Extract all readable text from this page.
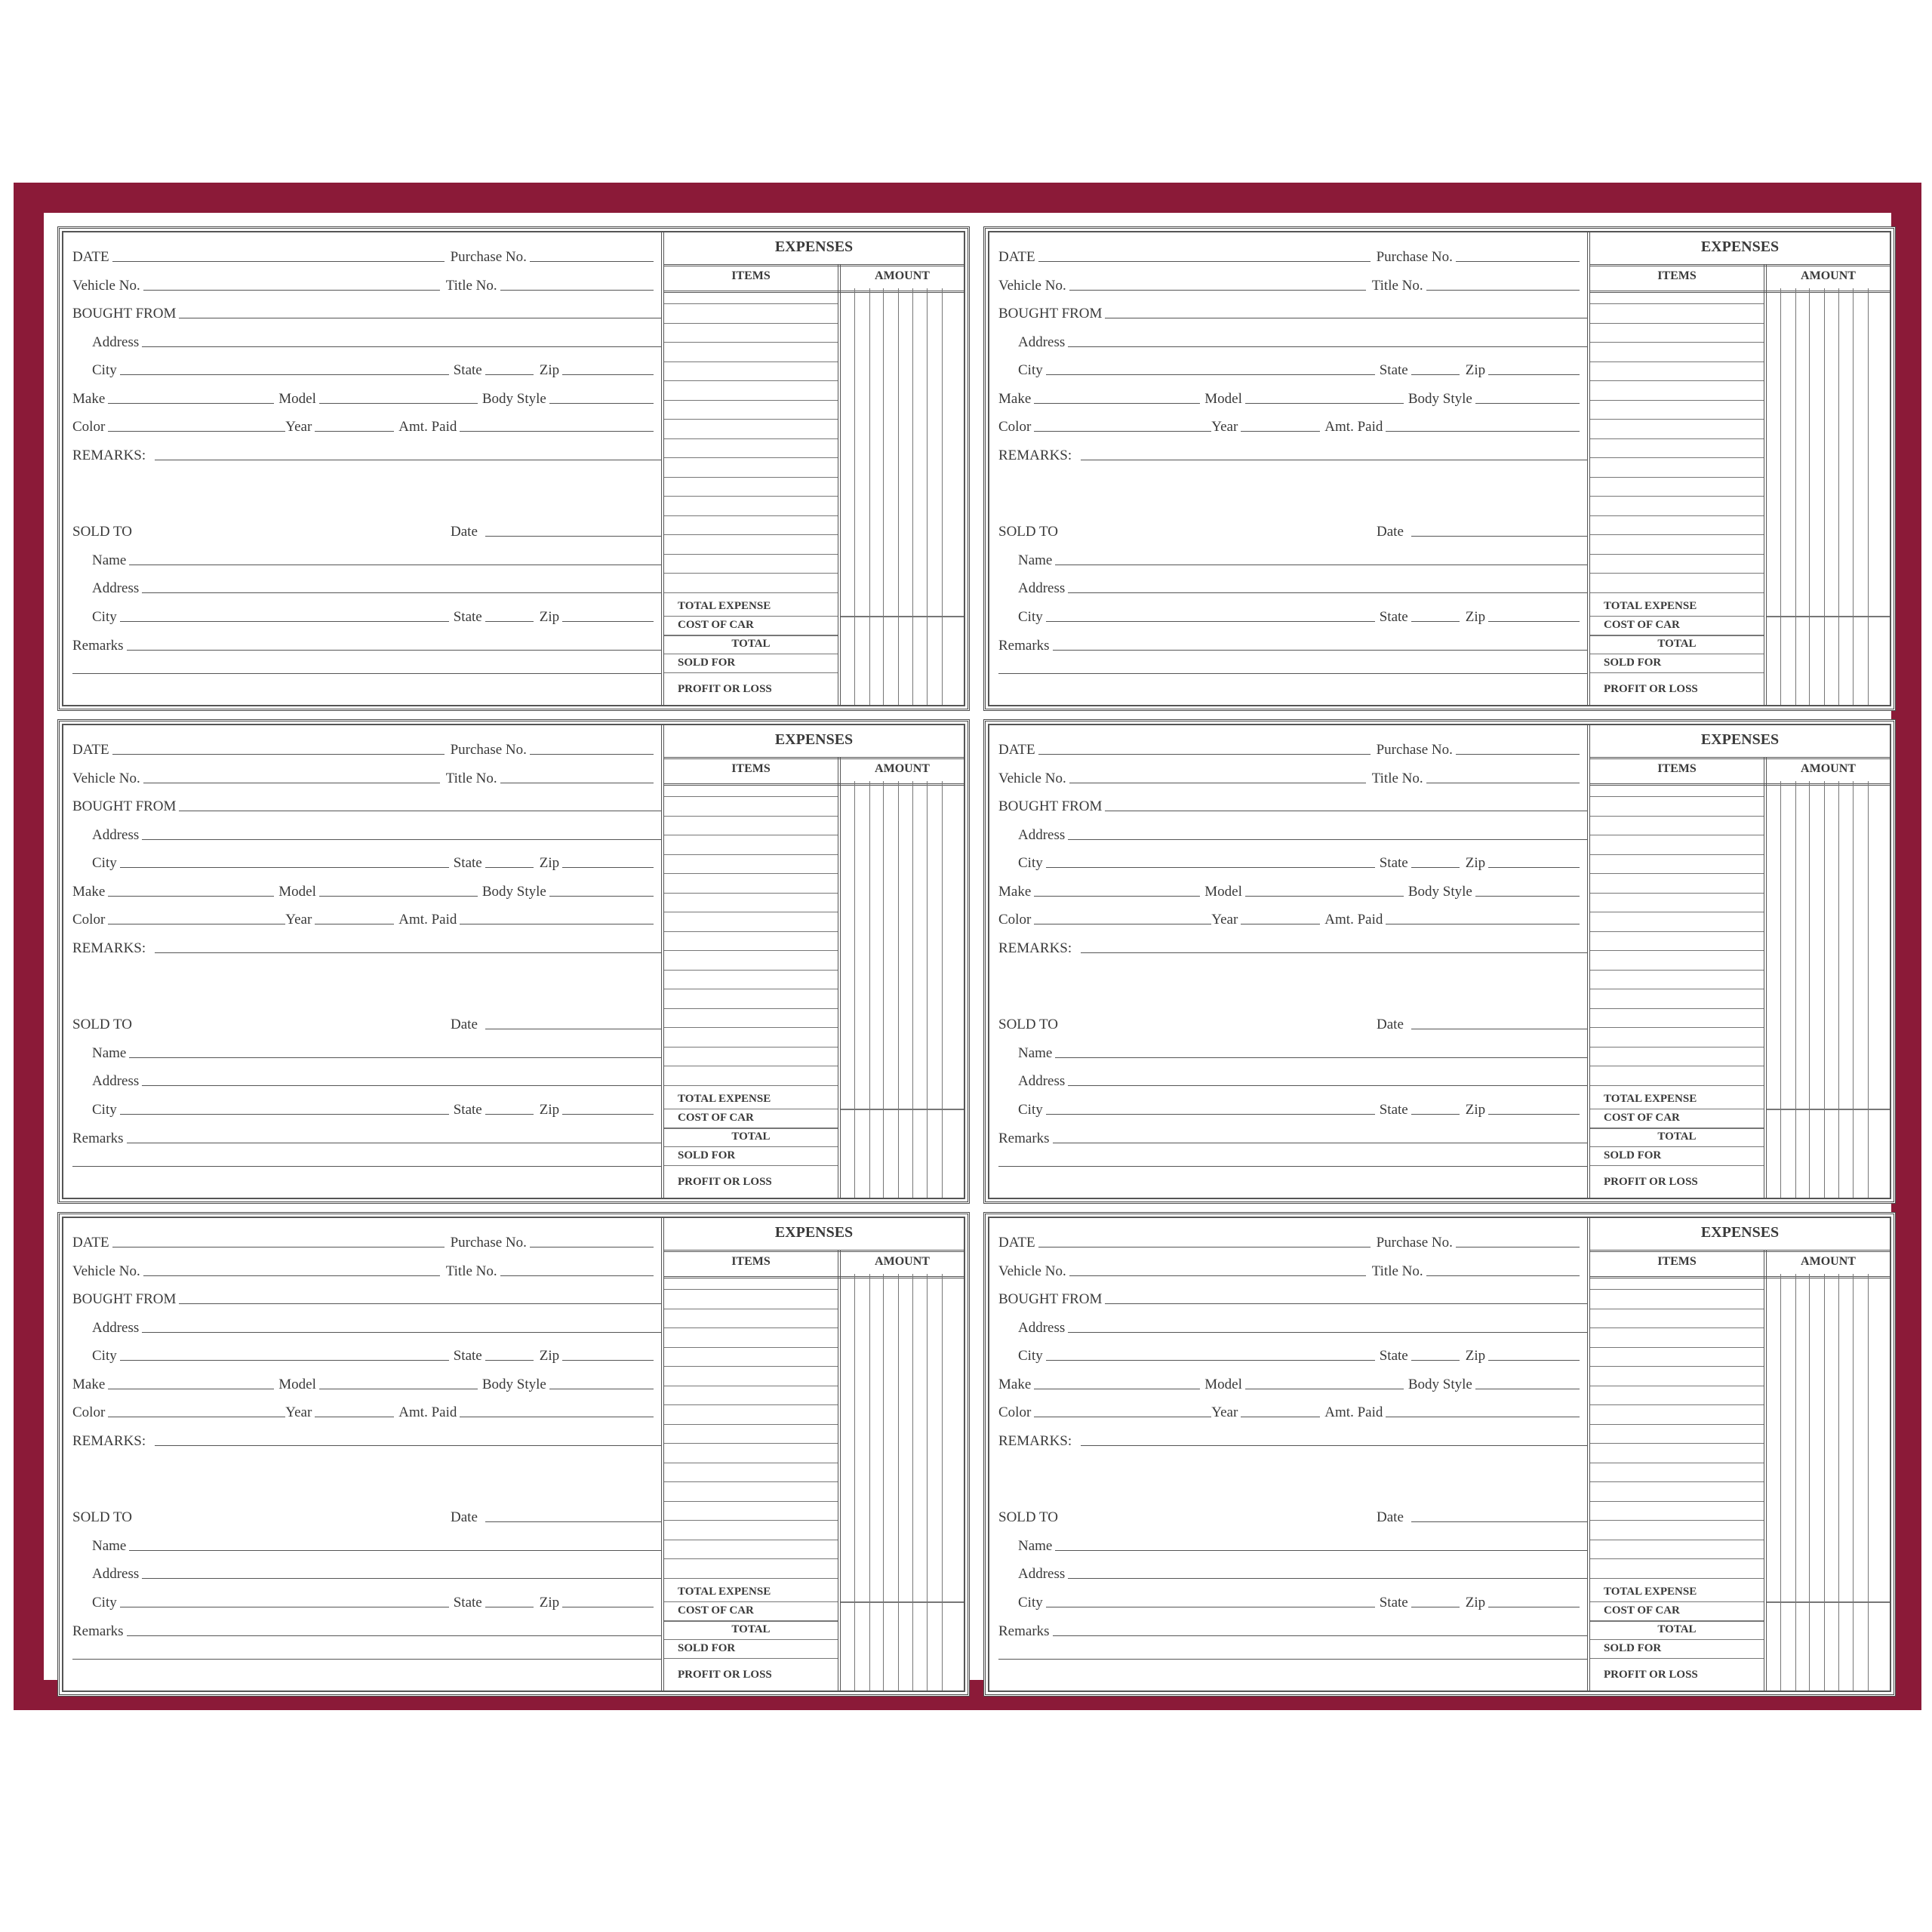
DATE	Purchase No.
Vehicle No.	Title No.
BOUGHT FROM
Address
City	State	Zip
Make	Model	Body Style
Color	Year	Amt. Paid
REMARKS:
SOLD TO	Date
Name
Address
City	State	Zip
Remarks
EXPENSES
ITEMS	AMOUNT
TOTAL EXPENSE
COST OF CAR
TOTAL
SOLD FOR
PROFIT OR LOSS
DATE	Purchase No.
Vehicle No.	Title No.
BOUGHT FROM
Address
City	State	Zip
Make	Model	Body Style
Color	Year	Amt. Paid
REMARKS:
SOLD TO	Date
Name
Address
City	State	Zip
Remarks
EXPENSES
ITEMS	AMOUNT
TOTAL EXPENSE
COST OF CAR
TOTAL
SOLD FOR
PROFIT OR LOSS
DATE	Purchase No.
Vehicle No.	Title No.
BOUGHT FROM
Address
City	State	Zip
Make	Model	Body Style
Color	Year	Amt. Paid
REMARKS:
SOLD TO	Date
Name
Address
City	State	Zip
Remarks
EXPENSES
ITEMS	AMOUNT
TOTAL EXPENSE
COST OF CAR
TOTAL
SOLD FOR
PROFIT OR LOSS
DATE	Purchase No.
Vehicle No.	Title No.
BOUGHT FROM
Address
City	State	Zip
Make	Model	Body Style
Color	Year	Amt. Paid
REMARKS:
SOLD TO	Date
Name
Address
City	State	Zip
Remarks
EXPENSES
ITEMS	AMOUNT
TOTAL EXPENSE
COST OF CAR
TOTAL
SOLD FOR
PROFIT OR LOSS
DATE	Purchase No.
Vehicle No.	Title No.
BOUGHT FROM
Address
City	State	Zip
Make	Model	Body Style
Color	Year	Amt. Paid
REMARKS:
SOLD TO	Date
Name
Address
City	State	Zip
Remarks
EXPENSES
ITEMS	AMOUNT
TOTAL EXPENSE
COST OF CAR
TOTAL
SOLD FOR
PROFIT OR LOSS
DATE	Purchase No.
Vehicle No.	Title No.
BOUGHT FROM
Address
City	State	Zip
Make	Model	Body Style
Color	Year	Amt. Paid
REMARKS:
SOLD TO	Date
Name
Address
City	State	Zip
Remarks
EXPENSES
ITEMS	AMOUNT
TOTAL EXPENSE
COST OF CAR
TOTAL
SOLD FOR
PROFIT OR LOSS
